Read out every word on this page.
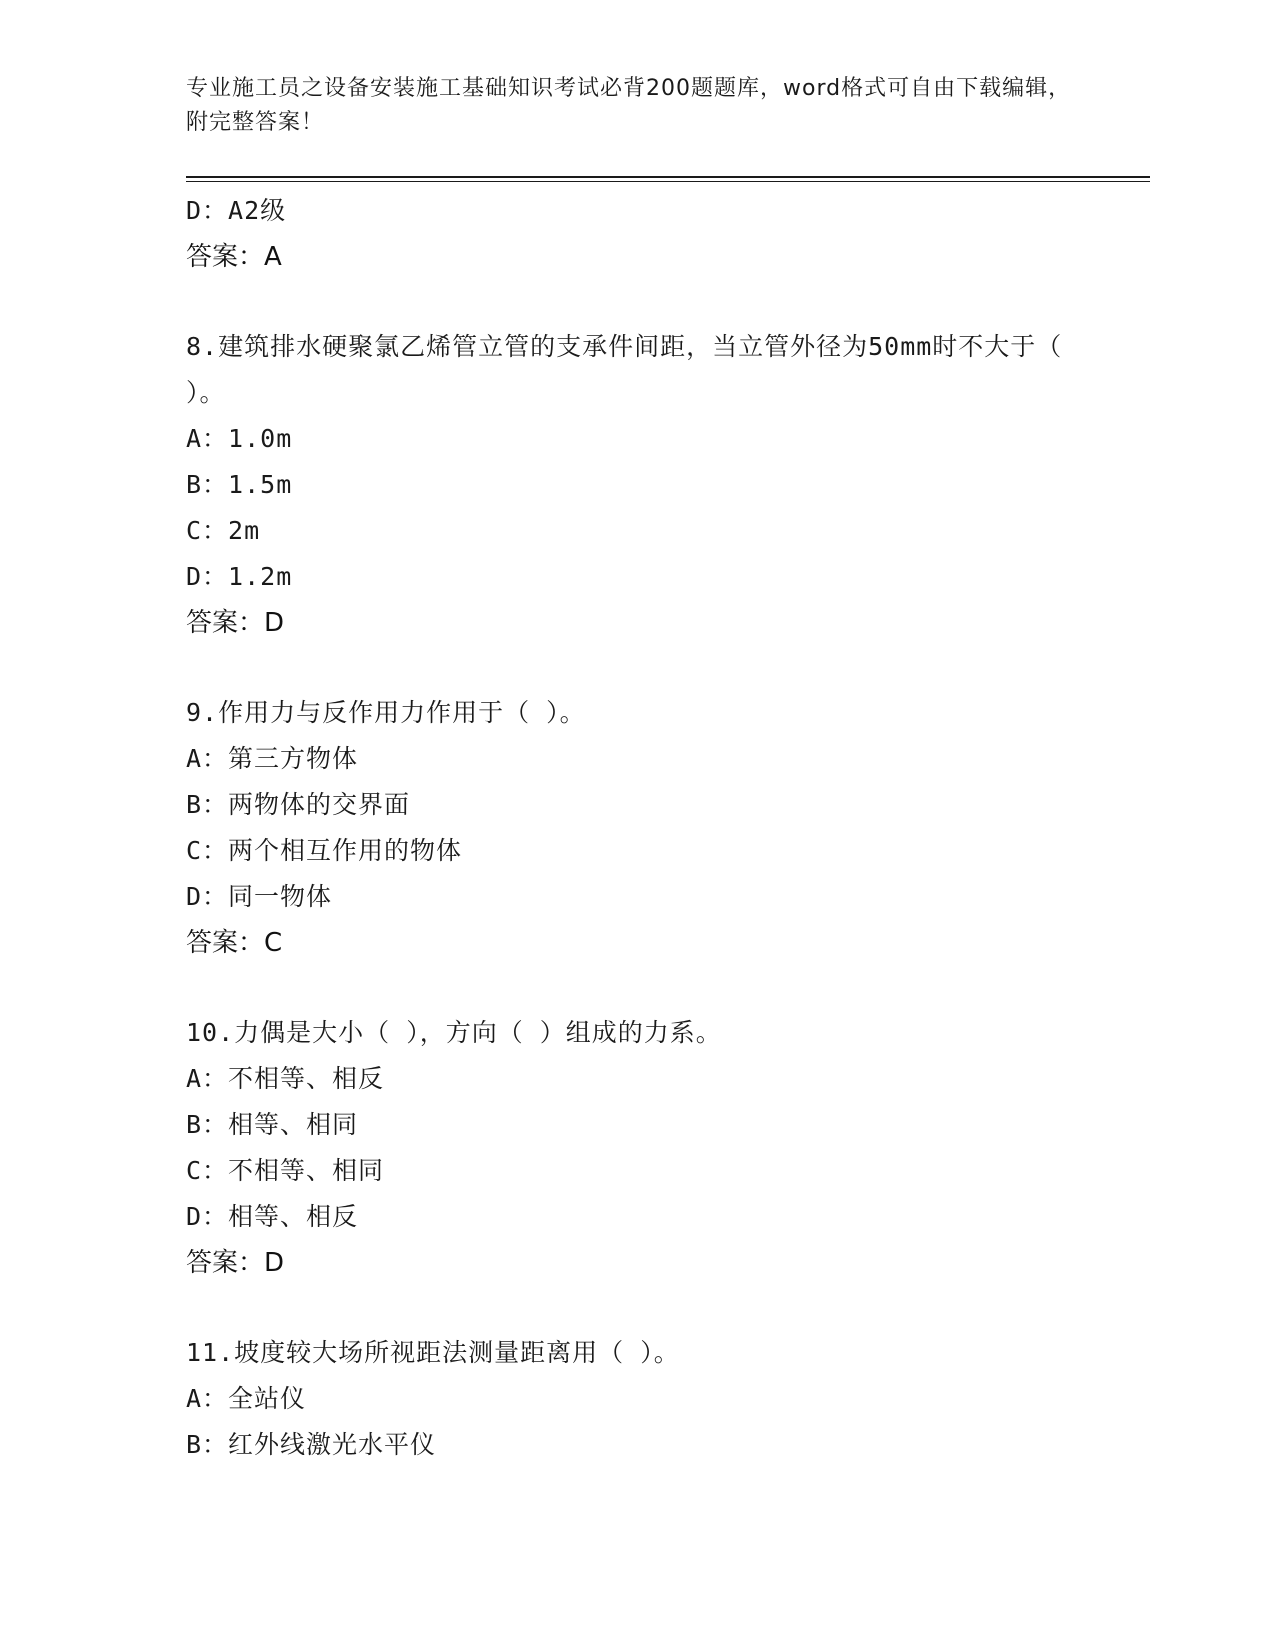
专业施工员之设备安装施工基础知识考试必背200题题库，word格式可自由下载编辑，附完整答案！
D：A2级
答案：A
8.建筑排水硬聚氯乙烯管立管的支承件间距，当立管外径为50mm时不大于（ ）。
A：1.0m
B：1.5m
C：2m
D：1.2m
答案：D
9.作用力与反作用力作用于（ ）。
A：第三方物体
B：两物体的交界面
C：两个相互作用的物体
D：同一物体
答案：C
10.力偶是大小（ ），方向（ ）组成的力系。
A：不相等、相反
B：相等、相同
C：不相等、相同
D：相等、相反
答案：D
11.坡度较大场所视距法测量距离用（ ）。
A：全站仪
B：红外线激光水平仪
